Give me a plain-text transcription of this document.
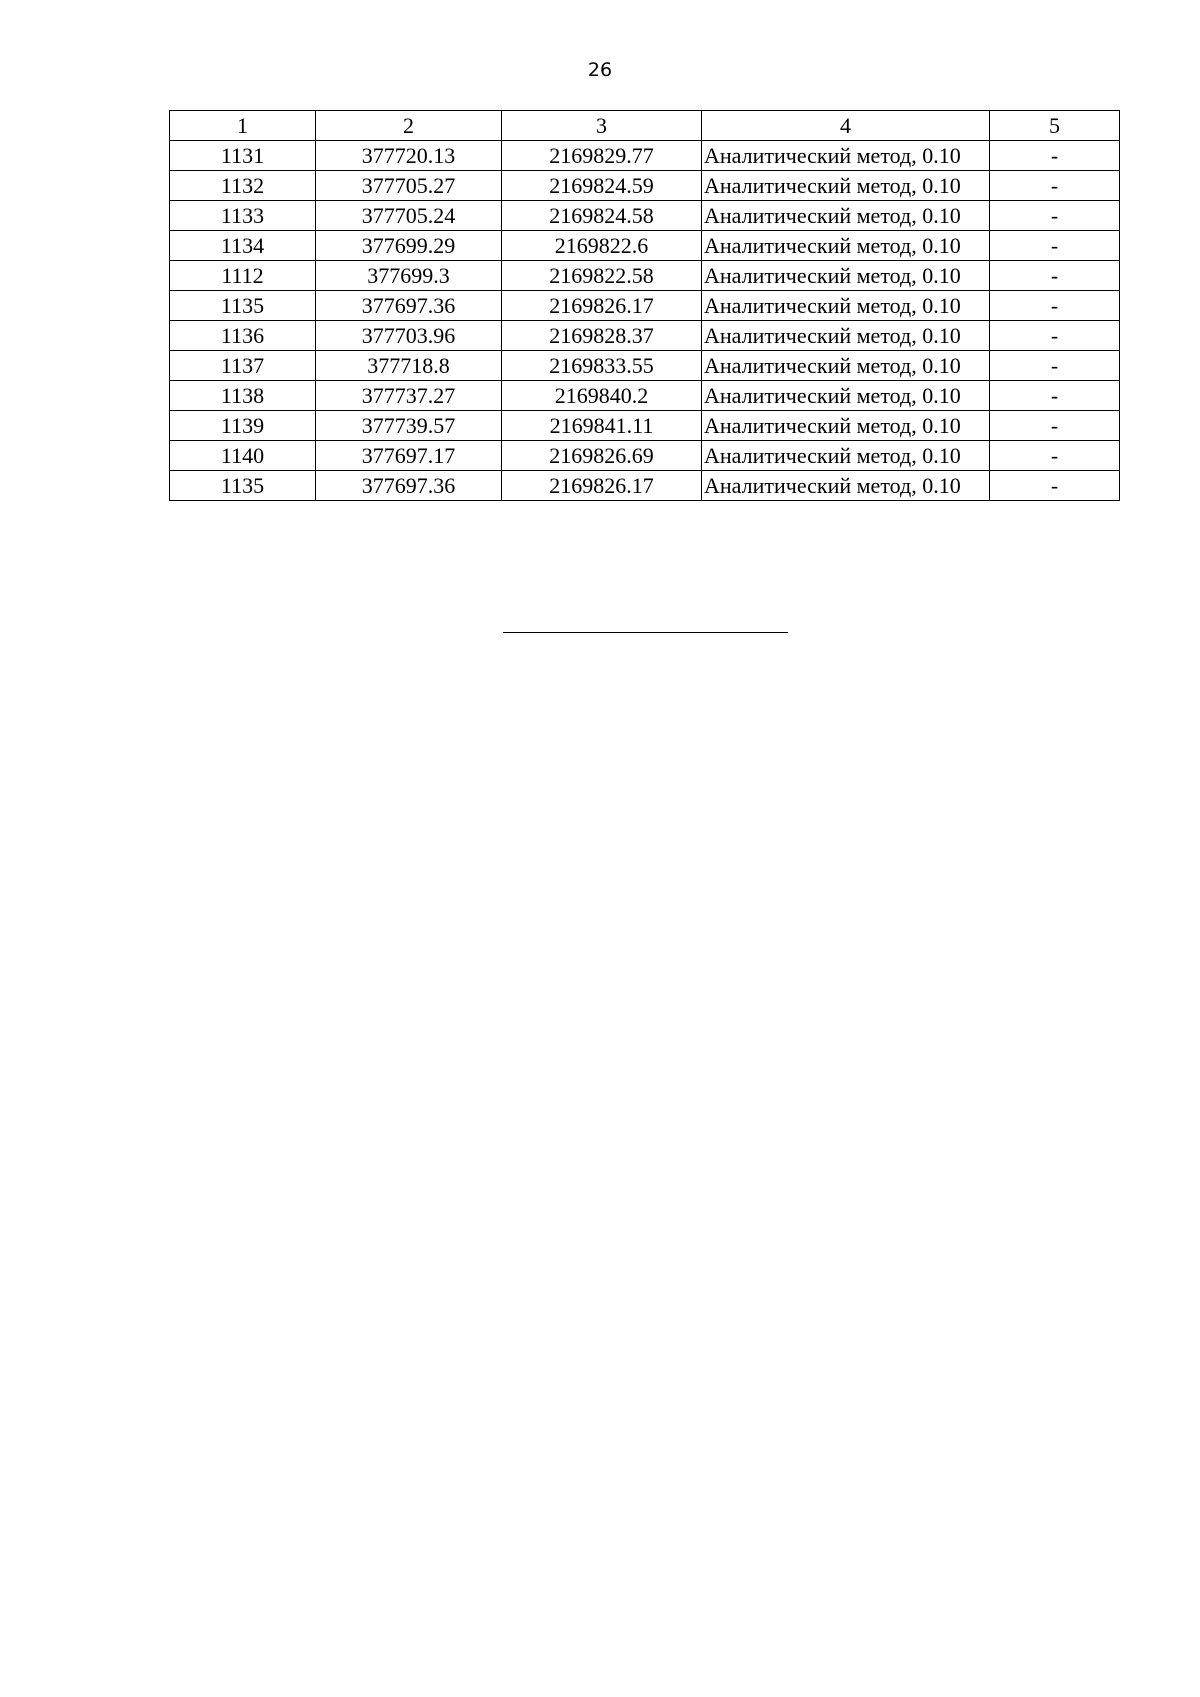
26
1	2	3	4	5
1131	377720.13	2169829.77	Аналитический метод, 0.10	-
1132	377705.27	2169824.59	Аналитический метод, 0.10	-
1133	377705.24	2169824.58	Аналитический метод, 0.10	-
1134	377699.29	2169822.6	Аналитический метод, 0.10	-
1112	377699.3	2169822.58	Аналитический метод, 0.10	-
1135	377697.36	2169826.17	Аналитический метод, 0.10	-
1136	377703.96	2169828.37	Аналитический метод, 0.10	-
1137	377718.8	2169833.55	Аналитический метод, 0.10	-
1138	377737.27	2169840.2	Аналитический метод, 0.10	-
1139	377739.57	2169841.11	Аналитический метод, 0.10	-
1140	377697.17	2169826.69	Аналитический метод, 0.10	-
1135	377697.36	2169826.17	Аналитический метод, 0.10	-
